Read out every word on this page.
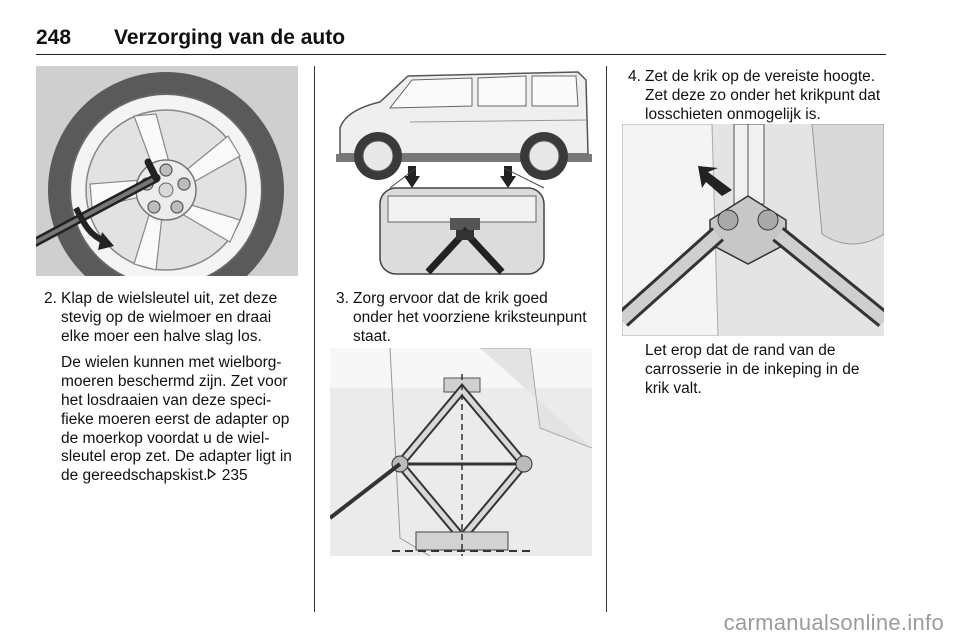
248 Verzorging van de auto
2. Klap de wielsleutel uit, zet deze

stevig op de wielmoer en draai

elke moer een halve slag los.

De wielen kunnen met wielborg-

moeren beschermd zijn. Zet voor

het losdraaien van deze speci-

fieke moeren eerst de adapter op

de moerkop voordat u de wiel-

sleutel erop zet. De adapter ligt in

de gereedschapskist. 235

3. Zorg ervoor dat de krik goed

onder het voorziene kriksteunpunt

staat.

4. Zet de krik op de vereiste hoogte.

Zet deze zo onder het krikpunt dat

losschieten onmogelijk is.

Let erop dat de rand van de

carrosserie in de inkeping in de

krik valt.

carmanualsonline.info
